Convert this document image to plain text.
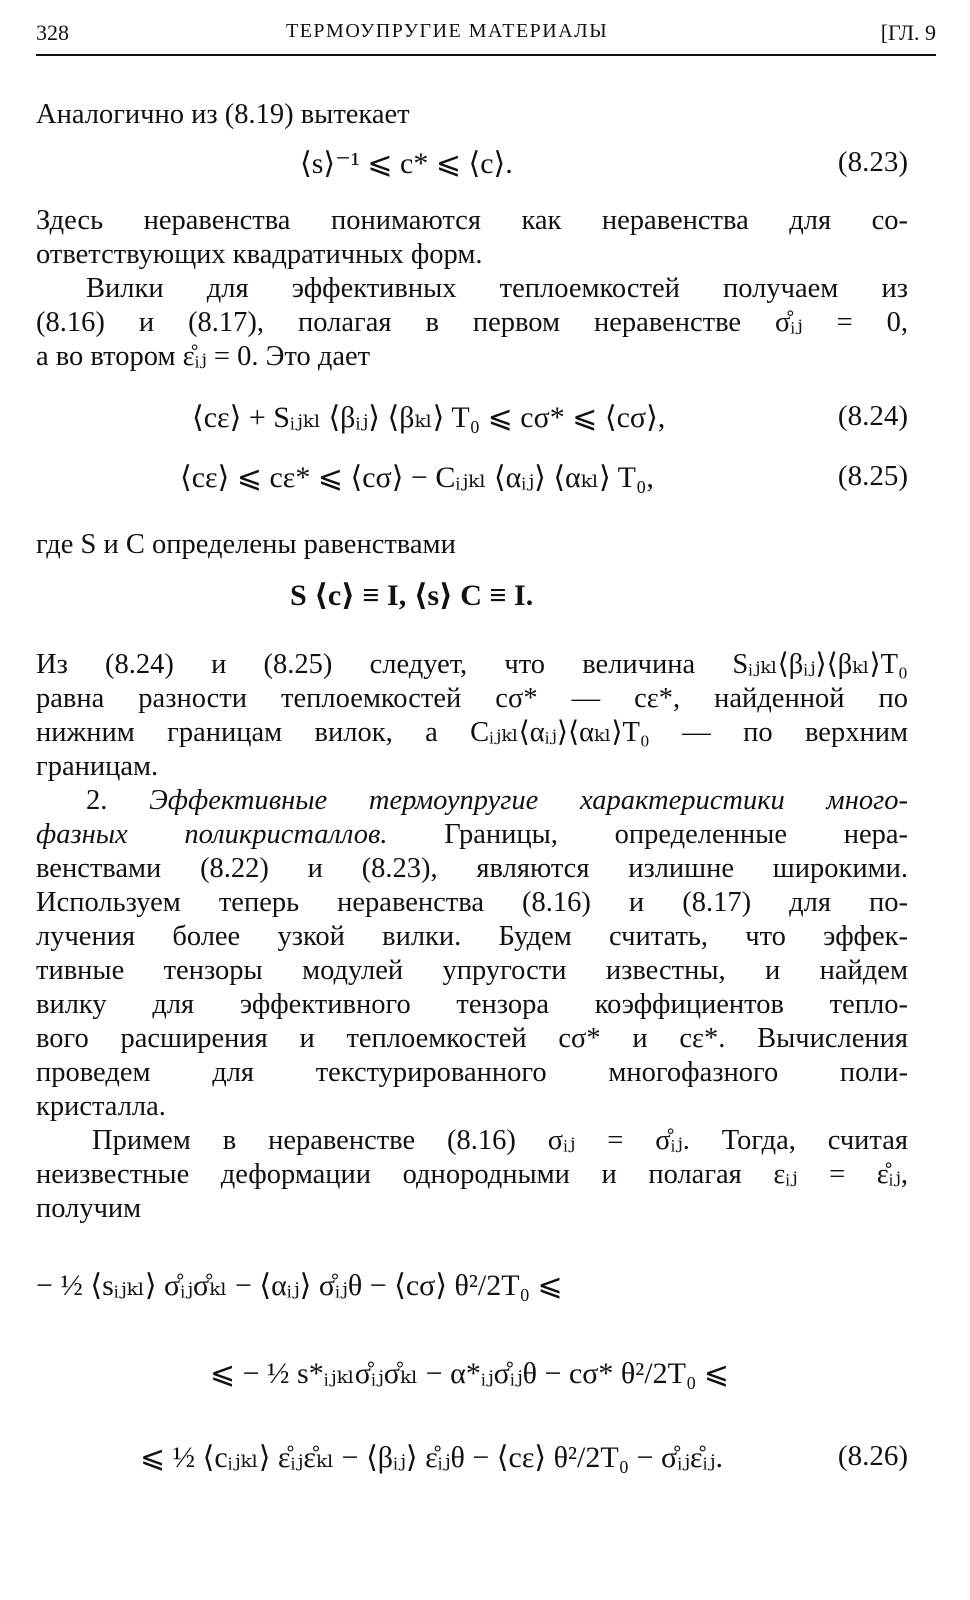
328	ТЕРМОУПРУГИЕ МАТЕРИАЛЫ	[ГЛ. 9
Аналогично из (8.19) вытекает
⟨s⟩⁻¹ ⩽ c* ⩽ ⟨c⟩.	(8.23)
Здесь неравенства понимаются как неравенства для со-
ответствующих квадратичных форм.
Вилки для эффективных теплоемкостей получаем из
(8.16) и (8.17), полагая в первом неравенстве σ̊ᵢⱼ = 0,
а во втором ε̊ᵢⱼ = 0. Это дает
⟨cε⟩ + Sᵢⱼₖₗ ⟨βᵢⱼ⟩ ⟨βₖₗ⟩ T₀ ⩽ cσ* ⩽ ⟨cσ⟩,	(8.24)
⟨cε⟩ ⩽ cε* ⩽ ⟨cσ⟩ − Cᵢⱼₖₗ ⟨αᵢⱼ⟩ ⟨αₖₗ⟩ T₀,	(8.25)
где S и C определены равенствами
S ⟨c⟩ ≡ I, ⟨s⟩ C ≡ I.
Из (8.24) и (8.25) следует, что величина Sᵢⱼₖₗ⟨βᵢⱼ⟩⟨βₖₗ⟩T₀
равна разности теплоемкостей cσ* — cε*, найденной по
нижним границам вилок, а Cᵢⱼₖₗ⟨αᵢⱼ⟩⟨αₖₗ⟩T₀ — по верхним
границам.
2. Эффективные термоупругие характеристики много-
фазных поликристаллов. Границы, определенные нера-
венствами (8.22) и (8.23), являются излишне широкими.
Используем теперь неравенства (8.16) и (8.17) для по-
лучения более узкой вилки. Будем считать, что эффек-
тивные тензоры модулей упругости известны, и найдем
вилку для эффективного тензора коэффициентов тепло-
вого расширения и теплоемкостей cσ* и cε*. Вычисления
проведем для текстурированного многофазного поли-
кристалла.
Примем в неравенстве (8.16) σᵢⱼ = σ̊ᵢⱼ. Тогда, считая
неизвестные деформации однородными и полагая εᵢⱼ = ε̊ᵢⱼ,
получим
− ½ ⟨sᵢⱼₖₗ⟩ σ̊ᵢⱼσ̊ₖₗ − ⟨αᵢⱼ⟩ σ̊ᵢⱼθ − ⟨cσ⟩ θ²/2T₀ ⩽
⩽ − ½ s*ᵢⱼₖₗσ̊ᵢⱼσ̊ₖₗ − α*ᵢⱼσ̊ᵢⱼθ − cσ* θ²/2T₀ ⩽
⩽ ½ ⟨cᵢⱼₖₗ⟩ ε̊ᵢⱼε̊ₖₗ − ⟨βᵢⱼ⟩ ε̊ᵢⱼθ − ⟨cε⟩ θ²/2T₀ − σ̊ᵢⱼε̊ᵢⱼ.	(8.26)
